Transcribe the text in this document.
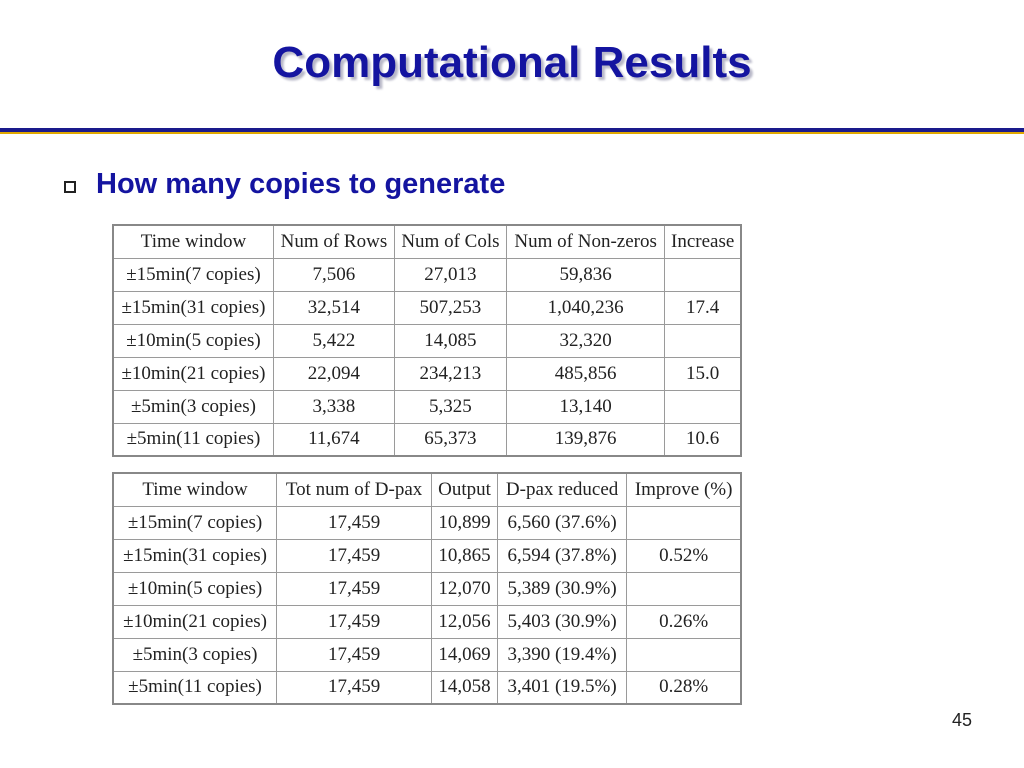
Computational Results
How many copies to generate
Time window	Num of Rows	Num of Cols	Num of Non-zeros	Increase
±15min(7 copies)	7,506	27,013	59,836	
±15min(31 copies)	32,514	507,253	1,040,236	17.4
±10min(5 copies)	5,422	14,085	32,320	
±10min(21 copies)	22,094	234,213	485,856	15.0
±5min(3 copies)	3,338	5,325	13,140	
±5min(11 copies)	11,674	65,373	139,876	10.6
Time window	Tot num of D-pax	Output	D-pax reduced	Improve (%)
±15min(7 copies)	17,459	10,899	6,560 (37.6%)	
±15min(31 copies)	17,459	10,865	6,594 (37.8%)	0.52%
±10min(5 copies)	17,459	12,070	5,389 (30.9%)	
±10min(21 copies)	17,459	12,056	5,403 (30.9%)	0.26%
±5min(3 copies)	17,459	14,069	3,390 (19.4%)	
±5min(11 copies)	17,459	14,058	3,401 (19.5%)	0.28%
45
